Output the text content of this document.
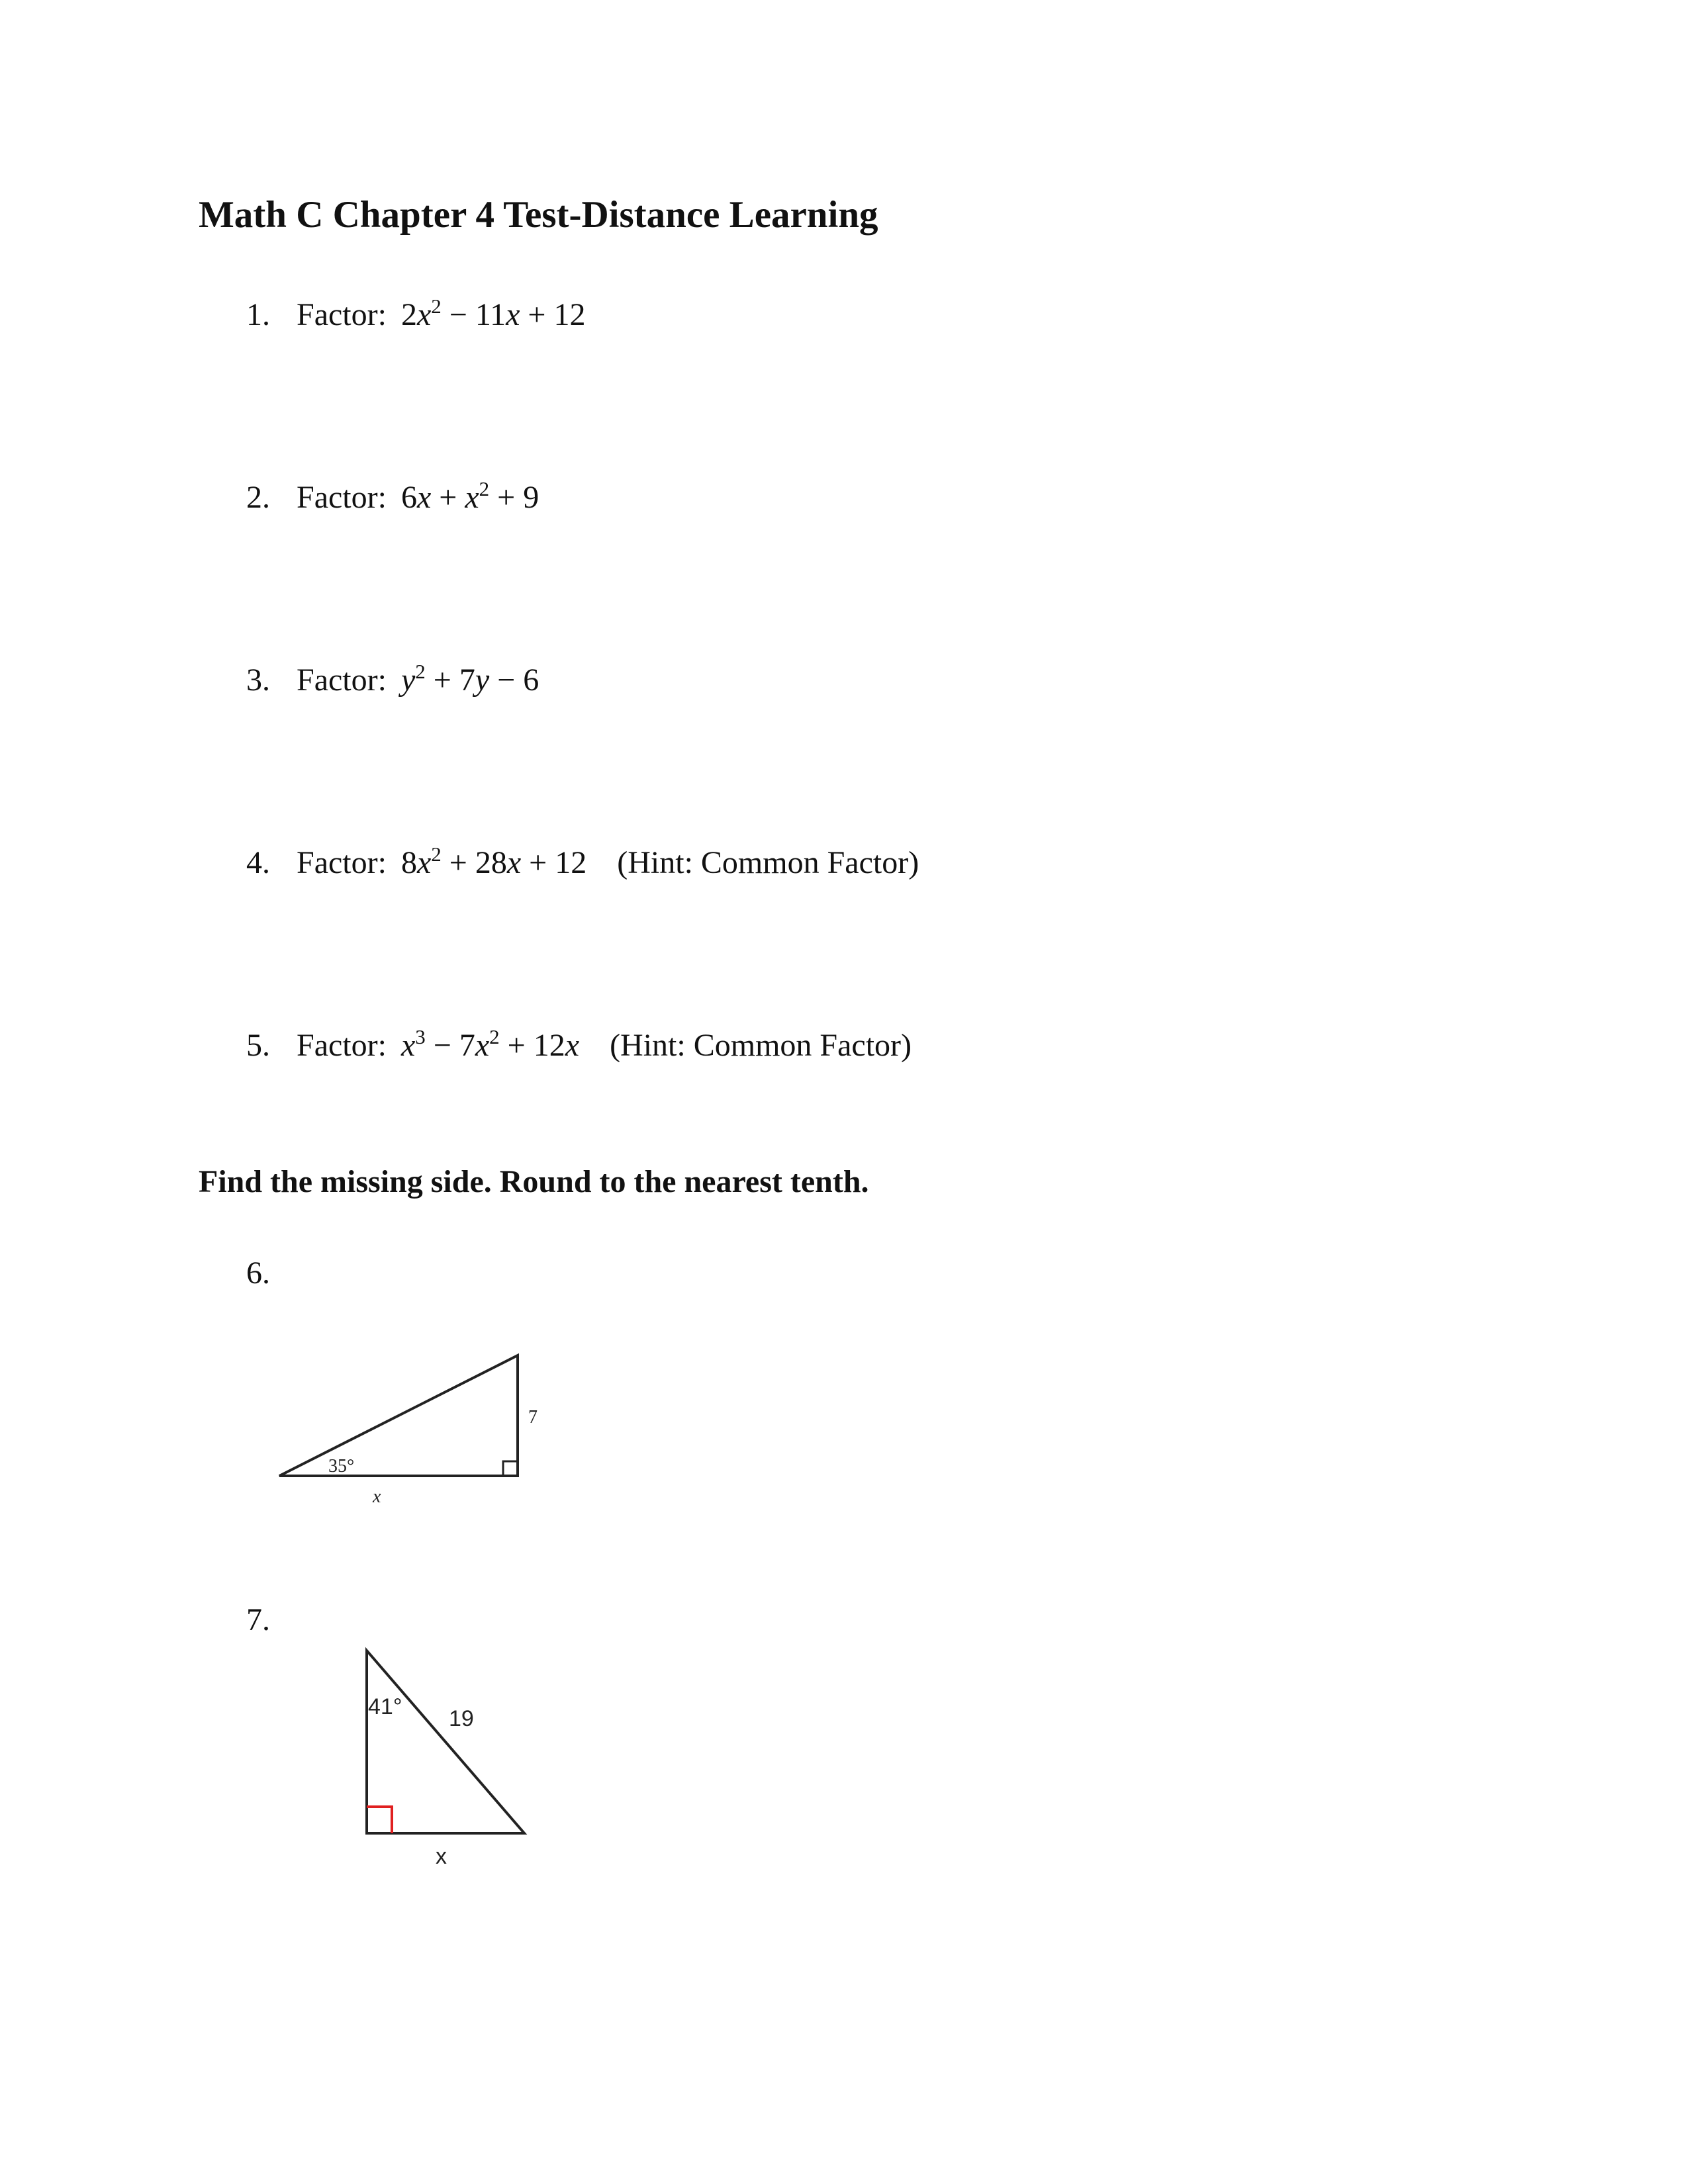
Math C Chapter 4 Test-Distance Learning
1. Factor: $2x^2 - 11x + 12$
2. Factor: $6x + x^2 + 9$
3. Factor: $y^2 + 7y - 6$
4. Factor: $8x^2 + 28x + 12$ (Hint: Common Factor)
5. Factor: $x^3 - 7x^2 + 12x$ (Hint: Common Factor)
Find the missing side. Round to the nearest tenth.
6.
35°
7
x
7.
41° 19
x
